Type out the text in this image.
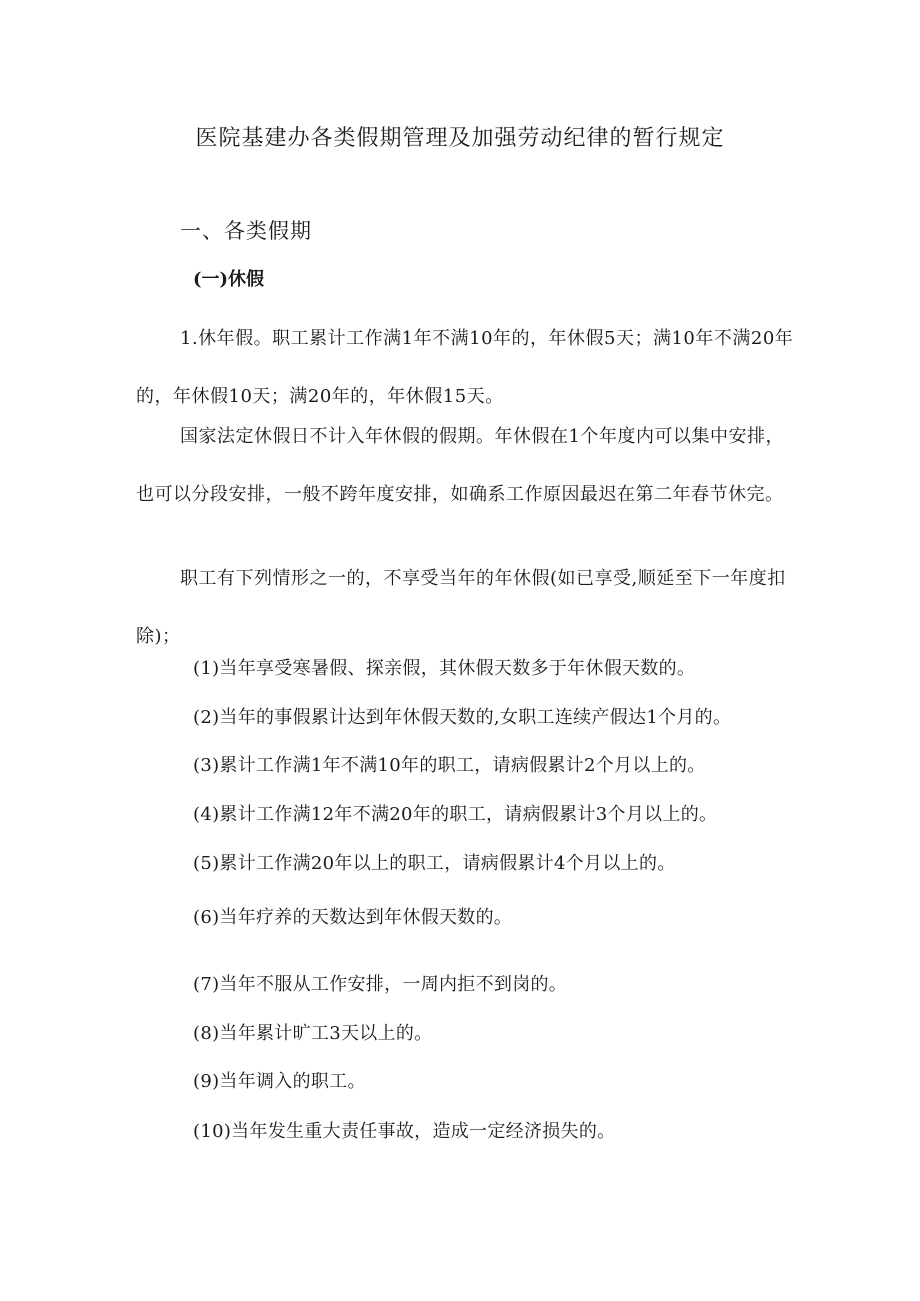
医院基建办各类假期管理及加强劳动纪律的暂行规定
一、各类假期
(一)休假

1.休年假。职工累计工作满1年不满10年的，年休假5天；满10年不满20年的，年休假10天；满20年的，年休假15天。

国家法定休假日不计入年休假的假期。年休假在1个年度内可以集中安排，也可以分段安排，一般不跨年度安排，如确系工作原因最迟在第二年春节休完。

职工有下列情形之一的，不享受当年的年休假(如已享受,顺延至下一年度扣除)；

(1)当年享受寒暑假、探亲假，其休假天数多于年休假天数的。

(2)当年的事假累计达到年休假天数的,女职工连续产假达1个月的。

(3)累计工作满1年不满10年的职工，请病假累计2个月以上的。

(4)累计工作满12年不满20年的职工，请病假累计3个月以上的。

(5)累计工作满20年以上的职工，请病假累计4个月以上的。

(6)当年疗养的天数达到年休假天数的。

(7)当年不服从工作安排，一周内拒不到岗的。

(8)当年累计旷工3天以上的。

(9)当年调入的职工。

(10)当年发生重大责任事故，造成一定经济损失的。
